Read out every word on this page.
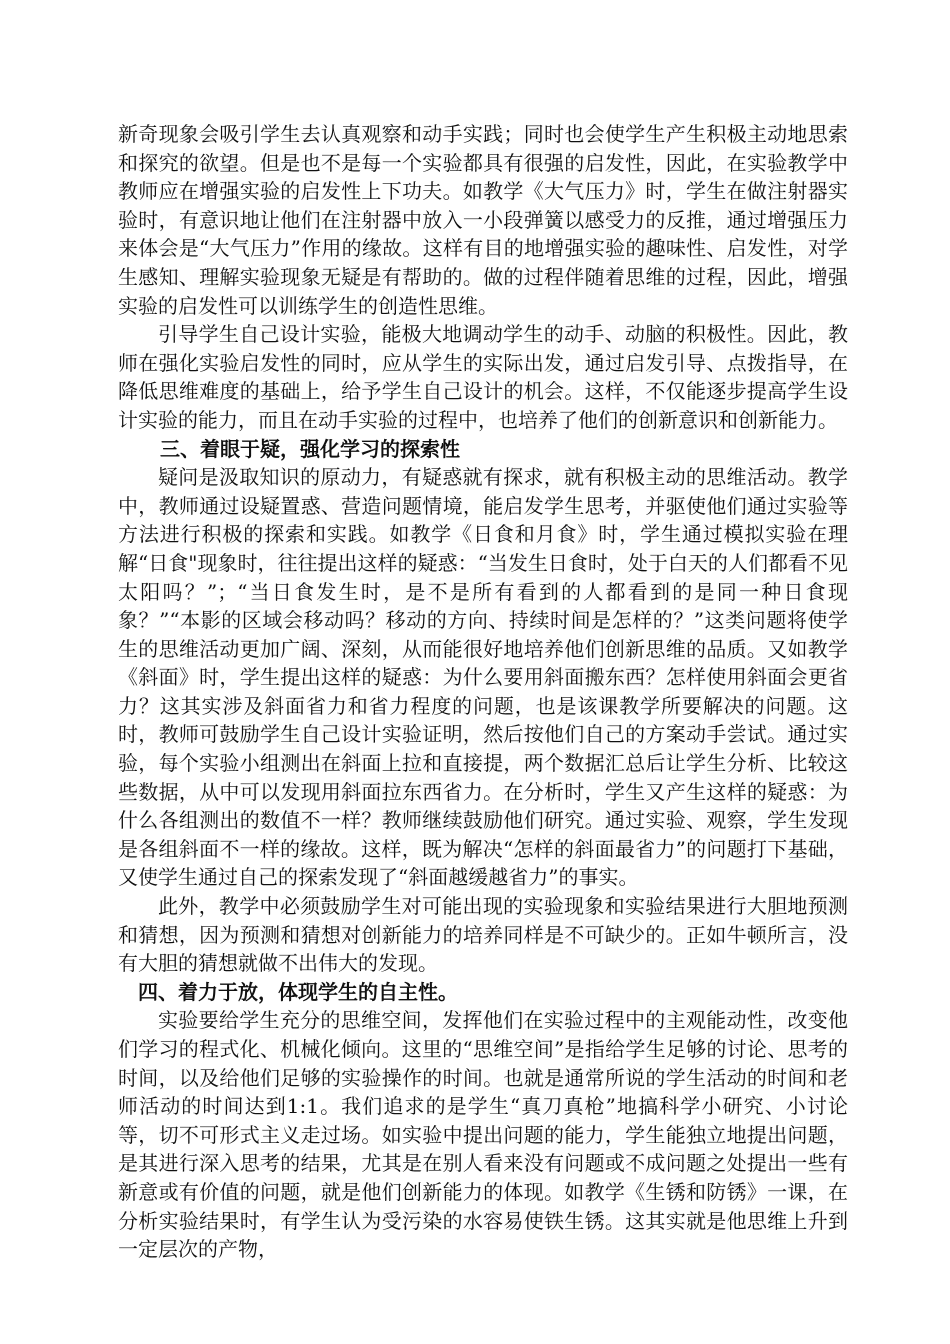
新奇现象会吸引学生去认真观察和动手实践；同时也会使学生产生积极主动地思索和探究的欲望。但是也不是每一个实验都具有很强的启发性，因此，在实验教学中教师应在增强实验的启发性上下功夫。如教学《大气压力》时，学生在做注射器实验时，有意识地让他们在注射器中放入一小段弹簧以感受力的反推，通过增强压力来体会是“大气压力”作用的缘故。这样有目的地增强实验的趣味性、启发性，对学生感知、理解实验现象无疑是有帮助的。做的过程伴随着思维的过程，因此，增强实验的启发性可以训练学生的创造性思维。

引导学生自己设计实验，能极大地调动学生的动手、动脑的积极性。因此，教师在强化实验启发性的同时，应从学生的实际出发，通过启发引导、点拨指导，在降低思维难度的基础上，给予学生自己设计的机会。这样，不仅能逐步提高学生设计实验的能力，而且在动手实验的过程中，也培养了他们的创新意识和创新能力。

三、着眼于疑，强化学习的探索性

疑问是汲取知识的原动力，有疑惑就有探求，就有积极主动的思维活动。教学中，教师通过设疑置惑、营造问题情境，能启发学生思考，并驱使他们通过实验等方法进行积极的探索和实践。如教学《日食和月食》时，学生通过模拟实验在理解“日食"现象时，往往提出这样的疑惑：“当发生日食时，处于白天的人们都看不见太阳吗？”；“当日食发生时，是不是所有看到的人都看到的是同一种日食现象？”“本影的区域会移动吗？移动的方向、持续时间是怎样的？”这类问题将使学生的思维活动更加广阔、深刻，从而能很好地培养他们创新思维的品质。又如教学《斜面》时，学生提出这样的疑惑：为什么要用斜面搬东西？怎样使用斜面会更省力？这其实涉及斜面省力和省力程度的问题，也是该课教学所要解决的问题。这时，教师可鼓励学生自己设计实验证明，然后按他们自己的方案动手尝试。通过实验，每个实验小组测出在斜面上拉和直接提，两个数据汇总后让学生分析、比较这些数据，从中可以发现用斜面拉东西省力。在分析时，学生又产生这样的疑惑：为什么各组测出的数值不一样？教师继续鼓励他们研究。通过实验、观察，学生发现是各组斜面不一样的缘故。这样，既为解决“怎样的斜面最省力”的问题打下基础，又使学生通过自己的探索发现了“斜面越缓越省力”的事实。

此外，教学中必须鼓励学生对可能出现的实验现象和实验结果进行大胆地预测和猜想，因为预测和猜想对创新能力的培养同样是不可缺少的。正如牛顿所言，没有大胆的猜想就做不出伟大的发现。

四、着力于放，体现学生的自主性。

实验要给学生充分的思维空间，发挥他们在实验过程中的主观能动性，改变他们学习的程式化、机械化倾向。这里的“思维空间”是指给学生足够的讨论、思考的时间，以及给他们足够的实验操作的时间。也就是通常所说的学生活动的时间和老师活动的时间达到1:1。我们追求的是学生“真刀真枪”地搞科学小研究、小讨论等，切不可形式主义走过场。如实验中提出问题的能力，学生能独立地提出问题，是其进行深入思考的结果，尤其是在别人看来没有问题或不成问题之处提出一些有新意或有价值的问题，就是他们创新能力的体现。如教学《生锈和防锈》一课，在分析实验结果时，有学生认为受污染的水容易使铁生锈。这其实就是他思维上升到一定层次的产物，
